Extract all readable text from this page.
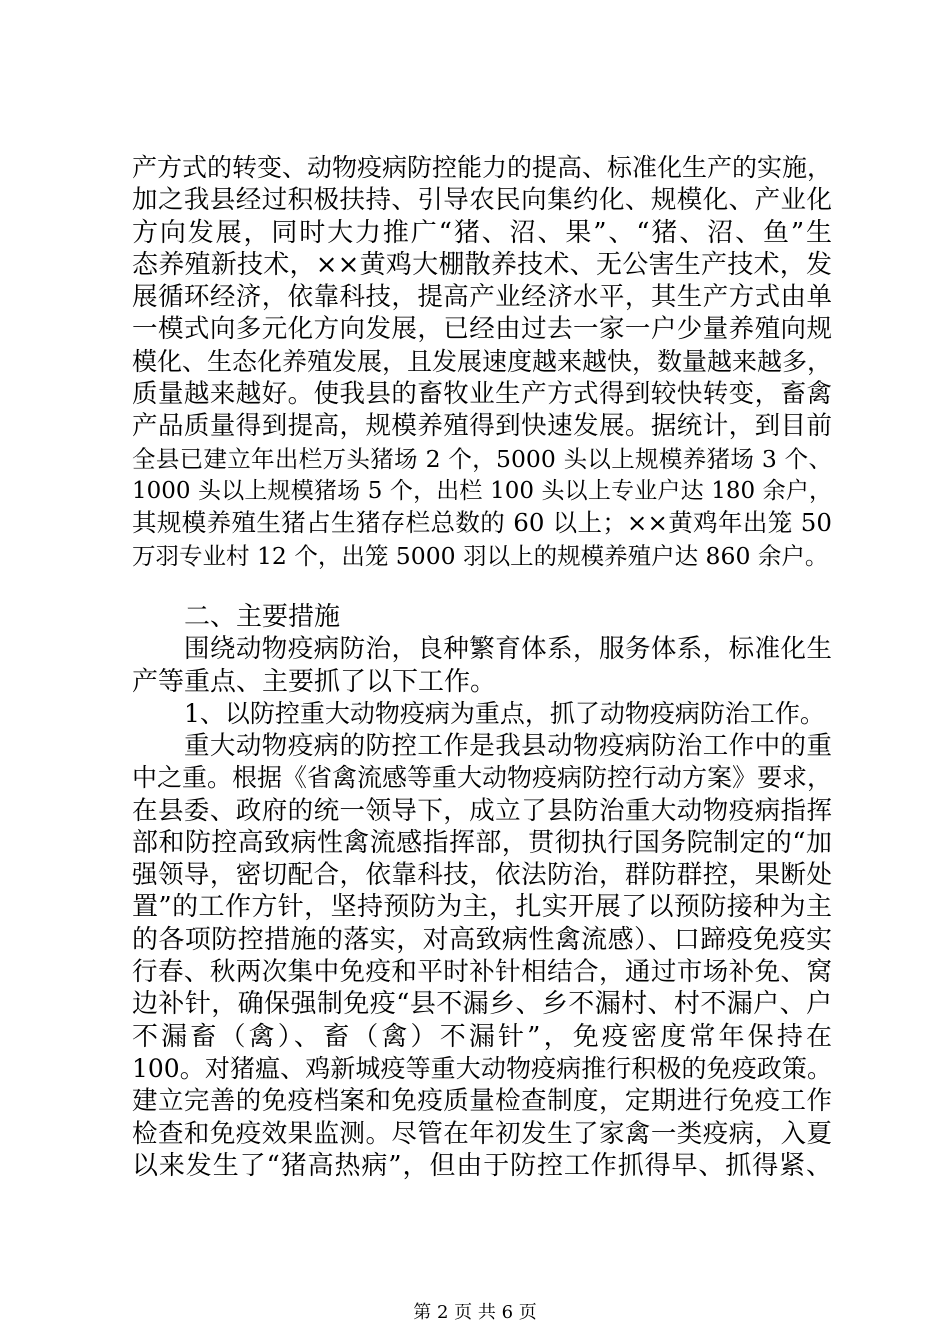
产方式的转变、动物疫病防控能力的提高、标准化生产的实施，
加之我县经过积极扶持、引导农民向集约化、规模化、产业化
方向发展，同时大力推广“猪、沼、果”、“猪、沼、鱼”生
态养殖新技术，××黄鸡大棚散养技术、无公害生产技术，发
展循环经济，依靠科技，提高产业经济水平，其生产方式由单
一模式向多元化方向发展，已经由过去一家一户少量养殖向规
模化、生态化养殖发展，且发展速度越来越快，数量越来越多，
质量越来越好。使我县的畜牧业生产方式得到较快转变，畜禽
产品质量得到提高，规模养殖得到快速发展。据统计，到目前
全县已建立年出栏万头猪场 2 个，5000 头以上规模养猪场 3 个、
1000 头以上规模猪场 5 个，出栏 100 头以上专业户达 180 余户，
其规模养殖生猪占生猪存栏总数的 60 以上；××黄鸡年出笼 50
万羽专业村 12 个，出笼 5000 羽以上的规模养殖户达 860 余户。
二、主要措施
围绕动物疫病防治，良种繁育体系，服务体系，标准化生
产等重点、主要抓了以下工作。
1、以防控重大动物疫病为重点，抓了动物疫病防治工作。
重大动物疫病的防控工作是我县动物疫病防治工作中的重
中之重。根据《省禽流感等重大动物疫病防控行动方案》要求，
在县委、政府的统一领导下，成立了县防治重大动物疫病指挥
部和防控高致病性禽流感指挥部，贯彻执行国务院制定的“加
强领导，密切配合，依靠科技，依法防治，群防群控，果断处
置”的工作方针，坚持预防为主，扎实开展了以预防接种为主
的各项防控措施的落实，对高致病性禽流感）、口蹄疫免疫实
行春、秋两次集中免疫和平时补针相结合，通过市场补免、窝
边补针，确保强制免疫“县不漏乡、乡不漏村、村不漏户、户
不漏畜（禽）、畜（禽）不漏针”，免疫密度常年保持在
100。对猪瘟、鸡新城疫等重大动物疫病推行积极的免疫政策。
建立完善的免疫档案和免疫质量检查制度，定期进行免疫工作
检查和免疫效果监测。尽管在年初发生了家禽一类疫病，入夏
以来发生了“猪高热病”，但由于防控工作抓得早、抓得紧、
第 2 页 共 6 页
